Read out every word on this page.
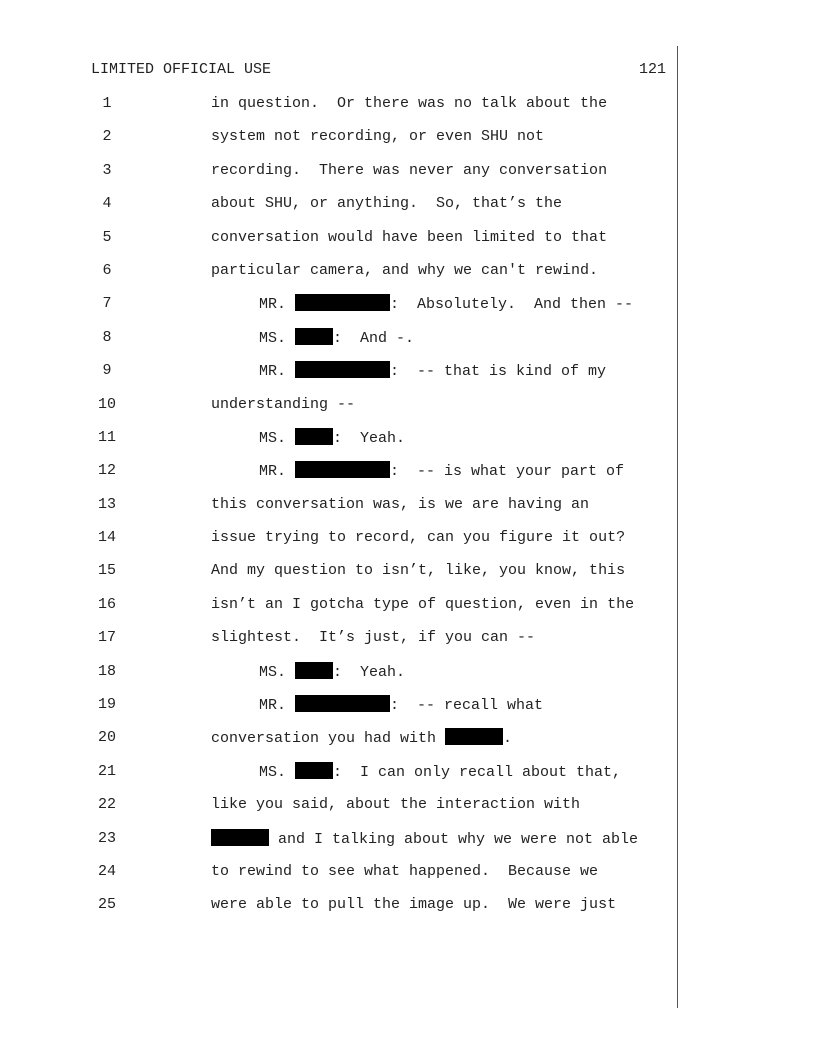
LIMITED OFFICIAL USE	121
1	in question.  Or there was no talk about the
2	system not recording, or even SHU not
3	recording.  There was never any conversation
4	about SHU, or anything.  So, that’s the
5	conversation would have been limited to that
6	particular camera, and why we can't rewind.
7	MR.	:  Absolutely.  And then --
8	MS.	:  And -.
9	MR.	:  -- that is kind of my
10	understanding --
11	MS.	:  Yeah.
12	MR.	:  -- is what your part of
13	this conversation was, is we are having an
14	issue trying to record, can you figure it out?
15	And my question to isn’t, like, you know, this
16	isn’t an I gotcha type of question, even in the
17	slightest.  It’s just, if you can --
18	MS.	:  Yeah.
19	MR.	:  -- recall what
20	conversation you had with	.
21	MS.	:  I can only recall about that,
22	like you said, about the interaction with
23	and I talking about why we were not able
24	to rewind to see what happened.  Because we
25	were able to pull the image up.  We were just
